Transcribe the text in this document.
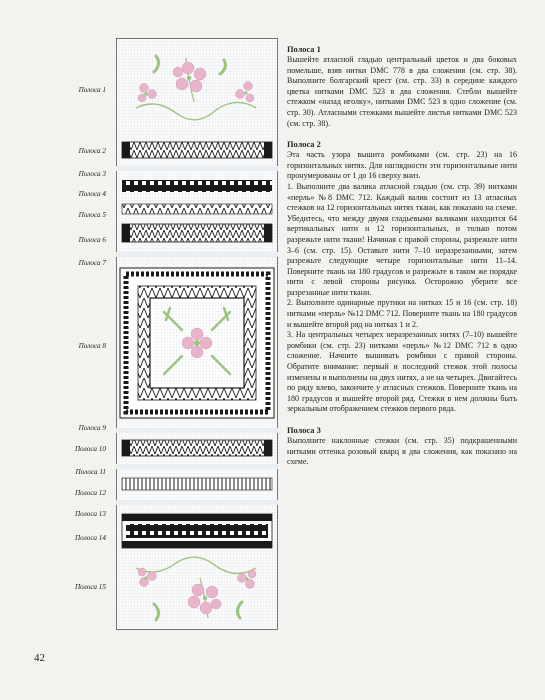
Полоса 1
Полоса 2
Полоса 3
Полоса 4
Полоса 5
Полоса 6
Полоса 7
Полоса 8
Полоса 9
Полоса 10
Полоса 11
Полоса 12
Полоса 13
Полоса 14
Полоса 15
Полоса 1

Вышейте атласной гладью центральный цветок и два боковых помельше, взяв нитки DMC 778 в два сложения (см. стр. 38). Выполните болгарский крест (см. стр. 33) в середине каждого цветка нитками DMC 523 в два сложения. Стебли вышейте стежком «назад иголку», нитками DMC 523 в одно сложение (см. стр. 30). Атласными стежками вышейте листья нитками DMC 523 (см. стр. 38).

Полоса 2

Эта часть узора вышита ромбиками (см. стр. 23) на 16 горизонтальных нитях. Для наглядности эти горизонтальные нити пронумерованы от 1 до 16 сверху вниз.
1. Выполните два валика атласной гладью (см. стр. 39) нитками «перль» №8 DMC 712. Каждый валик состоит из 13 атласных стежков на 12 горизонтальных нитях ткани, как показано на схеме. Убедитесь, что между двумя гладьевыми валиками находится 64 вертикальных нити и 12 горизонтальных, и только потом разрежьте нити ткани! Начиная с правой стороны, разрежьте нити 3–6 (см. стр. 15). Оставьте нити 7–10 неразрезанными, затем разрежьте следующие четыре горизонтальные нити 11–14. Поверните ткань на 180 градусов и разрежьте в таком же порядке нити с левой стороны рисунка. Осторожно уберите все разрезанные нити ткани.
2. Выполните одинарные прутики на нитках 15 и 16 (см. стр. 18) нитками «перль» №12 DMC 712. Поверните ткань на 180 градусов и вышейте второй ряд на нитках 1 и 2.
3. На центральных четырех неразрезанных нитях (7–10) вышейте ромбики (см. стр. 23) нитками «перль» №12 DMC 712 в одно сложение. Начните вышивать ромбики с правой стороны. Обратите внимание: первый и последний стежок этой полосы изменены и выполнены на двух нитях, а не на четырех. Двигайтесь по ряду влево, закончите у атласных стежков. Поверните ткань на 180 градусов и вышейте второй ряд. Стежки в нем должны быть зеркальным отображением стежков первого ряда.

Полоса 3

Выполните наклонные стежки (см. стр. 35) подкрашенными нитками оттенка розовый кварц в два сложения, как показано на схеме.

42
